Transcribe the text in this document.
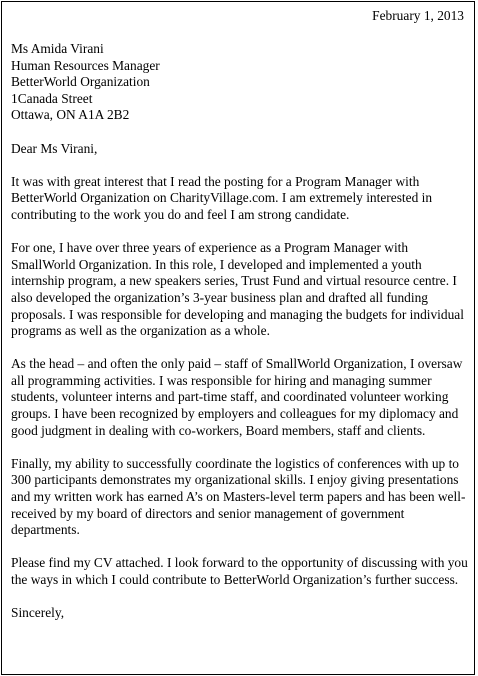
February 1, 2013
Ms Amida Virani
Human Resources Manager
BetterWorld Organization
1Canada Street
Ottawa, ON A1A 2B2

Dear Ms Virani,

It was with great interest that I read the posting for a Program Manager with BetterWorld Organization on CharityVillage.com. I am extremely interested in contributing to the work you do and feel I am strong candidate.

For one, I have over three years of experience as a Program Manager with SmallWorld Organization. In this role, I developed and implemented a youth internship program, a new speakers series, Trust Fund and virtual resource centre. I also developed the organization’s 3-year business plan and drafted all funding proposals. I was responsible for developing and managing the budgets for individual programs as well as the organization as a whole.

As the head – and often the only paid – staff of SmallWorld Organization, I oversaw all programming activities. I was responsible for hiring and managing summer students, volunteer interns and part-time staff, and coordinated volunteer working groups. I have been recognized by employers and colleagues for my diplomacy and good judgment in dealing with co-workers, Board members, staff and clients.

Finally, my ability to successfully coordinate the logistics of conferences with up to 300 participants demonstrates my organizational skills. I enjoy giving presentations and my written work has earned A’s on Masters-level term papers and has been well-received by my board of directors and senior management of government departments.

Please find my CV attached. I look forward to the opportunity of discussing with you the ways in which I could contribute to BetterWorld Organization’s further success.

Sincerely,
